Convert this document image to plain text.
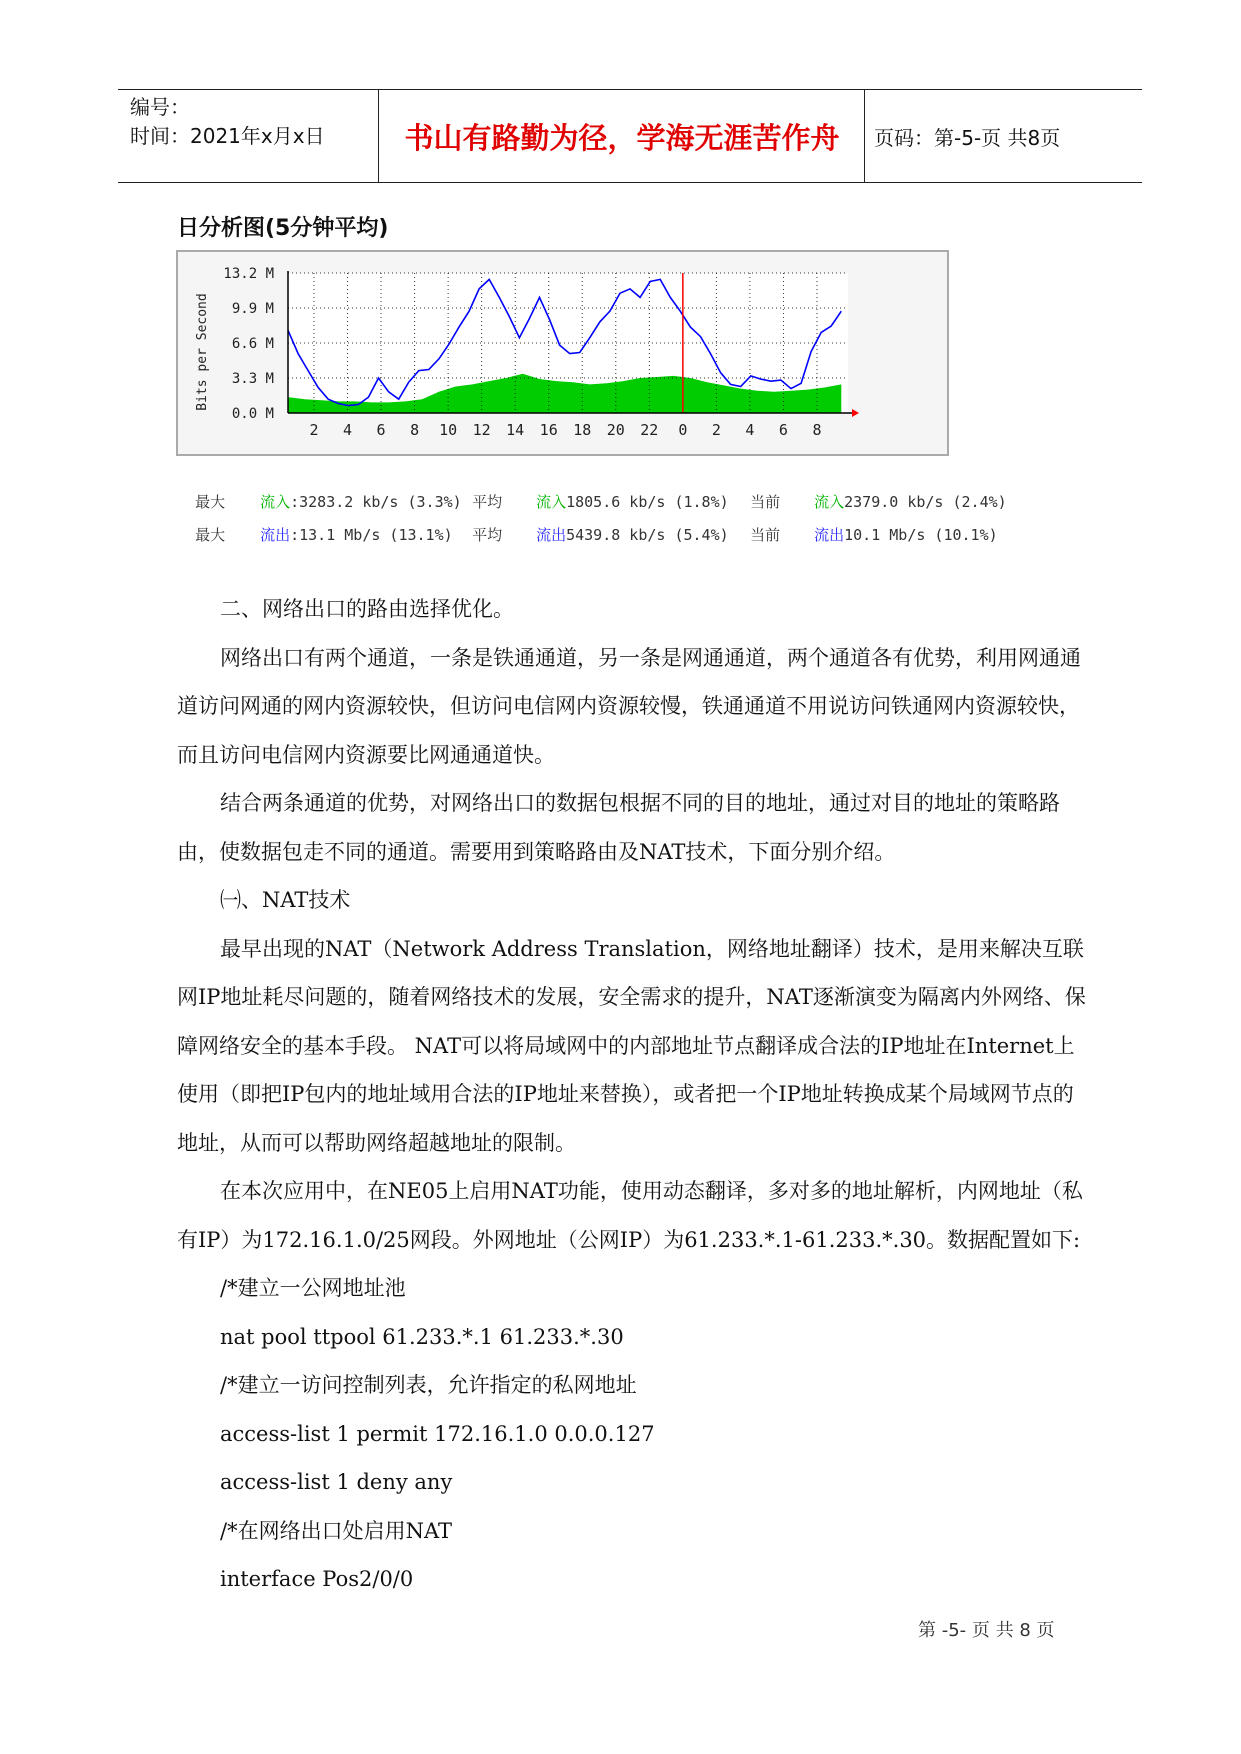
编号：
时间：2021年x月x日	书山有路勤为径，学海无涯苦作舟	页码：第-5-页 共8页
日分析图(5分钟平均)
Bits per Second
0.0 M
3.3 M
6.6 M
9.9 M
13.2 M
2 4 6 8 10 12 14 16 18 20 22 0 2 4 6 8

最大 流入:3283.2 kb/s (3.3%) 平均 流入1805.6 kb/s (1.8%) 当前 流入2379.0 kb/s (2.4%)

最大 流出:13.1 Mb/s (13.1%) 平均 流出5439.8 kb/s (5.4%) 当前 流出10.1 Mb/s (10.1%)

二、网络出口的路由选择优化。

网络出口有两个通道，一条是铁通通道，另一条是网通通道，两个通道各有优势，利用网通通道访问网通的网内资源较快，但访问电信网内资源较慢，铁通通道不用说访问铁通网内资源较快，而且访问电信网内资源要比网通通道快。

结合两条通道的优势，对网络出口的数据包根据不同的目的地址，通过对目的地址的策略路由，使数据包走不同的通道。需要用到策略路由及NAT技术，下面分别介绍。

㈠、NAT技术

最早出现的NAT（Network Address Translation，网络地址翻译）技术，是用来解决互联网IP地址耗尽问题的，随着网络技术的发展，安全需求的提升，NAT逐渐演变为隔离内外网络、保障网络安全的基本手段。 NAT可以将局域网中的内部地址节点翻译成合法的IP地址在Internet上使用（即把IP包内的地址域用合法的IP地址来替换），或者把一个IP地址转换成某个局域网节点的地址，从而可以帮助网络超越地址的限制。

在本次应用中，在NE05上启用NAT功能，使用动态翻译，多对多的地址解析，内网地址（私有IP）为172.16.1.0/25网段。外网地址（公网IP）为61.233.*.1-61.233.*.30。数据配置如下:

/*建立一公网地址池

nat pool ttpool 61.233.*.1 61.233.*.30

/*建立一访问控制列表，允许指定的私网地址

access-list 1 permit 172.16.1.0 0.0.0.127

access-list 1 deny any

/*在网络出口处启用NAT

interface Pos2/0/0

第 -5- 页 共 8 页
